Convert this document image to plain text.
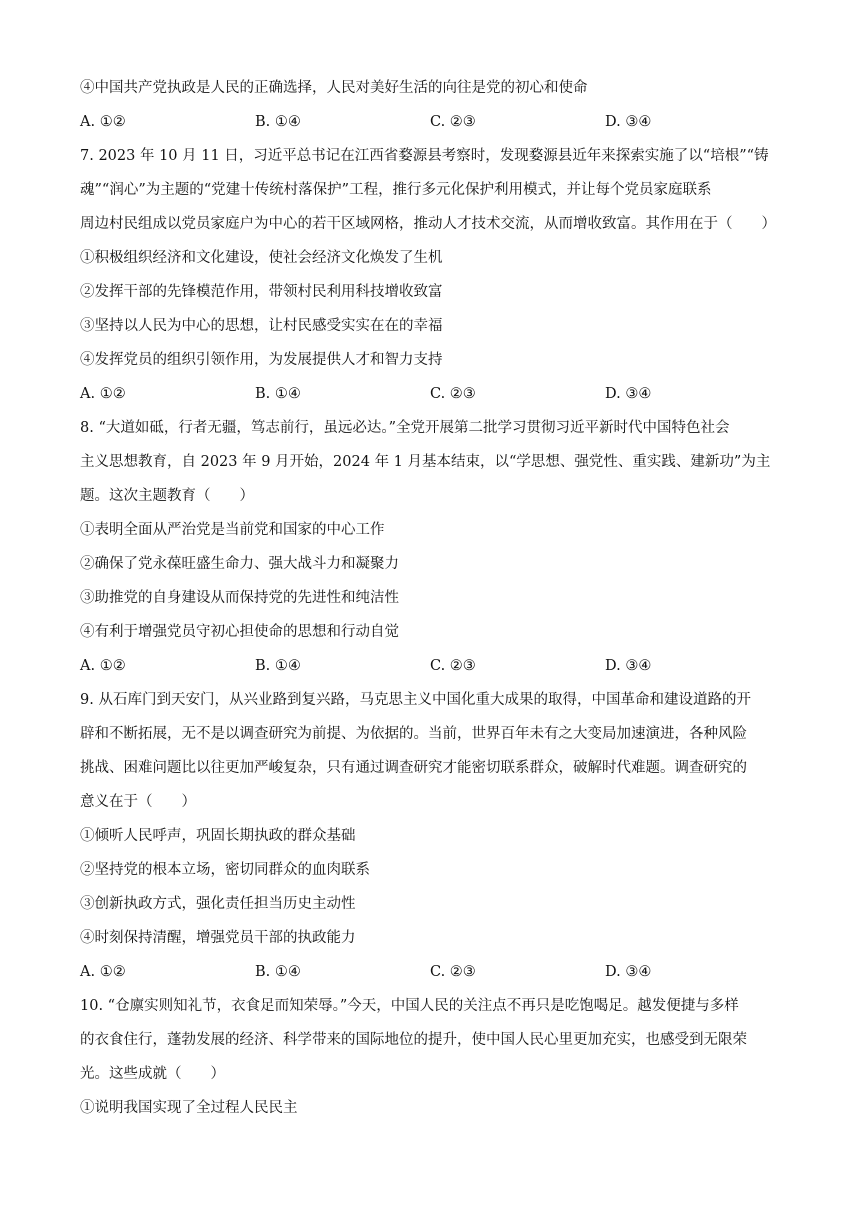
④中国共产党执政是人民的正确选择，人民对美好生活的向往是党的初心和使命
A. ①②	B. ①④	C. ②③	D. ③④
7. 2023 年 10 月 11 日，习近平总书记在江西省婺源县考察时，发现婺源县近年来探索实施了以“培根”“铸
魂”“润心”为主题的“党建十传统村落保护”工程，推行多元化保护利用模式，并让每个党员家庭联系
周边村民组成以党员家庭户为中心的若干区域网格，推动人才技术交流，从而增收致富。其作用在于（　　）
①积极组织经济和文化建设，使社会经济文化焕发了生机
②发挥干部的先锋模范作用，带领村民利用科技增收致富
③坚持以人民为中心的思想，让村民感受实实在在的幸福
④发挥党员的组织引领作用，为发展提供人才和智力支持
A. ①②	B. ①④	C. ②③	D. ③④
8. “大道如砥，行者无疆，笃志前行，虽远必达。”全党开展第二批学习贯彻习近平新时代中国特色社会
主义思想教育，自 2023 年 9 月开始，2024 年 1 月基本结束，以“学思想、强党性、重实践、建新功”为主
题。这次主题教育（　　）
①表明全面从严治党是当前党和国家的中心工作
②确保了党永葆旺盛生命力、强大战斗力和凝聚力
③助推党的自身建设从而保持党的先进性和纯洁性
④有利于增强党员守初心担使命的思想和行动自觉
A. ①②	B. ①④	C. ②③	D. ③④
9. 从石库门到天安门，从兴业路到复兴路，马克思主义中国化重大成果的取得，中国革命和建设道路的开
辟和不断拓展，无不是以调查研究为前提、为依据的。当前，世界百年未有之大变局加速演进，各种风险
挑战、困难问题比以往更加严峻复杂，只有通过调查研究才能密切联系群众，破解时代难题。调查研究的
意义在于（　　）
①倾听人民呼声，巩固长期执政的群众基础
②坚持党的根本立场，密切同群众的血肉联系
③创新执政方式，强化责任担当历史主动性
④时刻保持清醒，增强党员干部的执政能力
A. ①②	B. ①④	C. ②③	D. ③④
10. “仓廪实则知礼节，衣食足而知荣辱。”今天，中国人民的关注点不再只是吃饱喝足。越发便捷与多样
的衣食住行，蓬勃发展的经济、科学带来的国际地位的提升，使中国人民心里更加充实，也感受到无限荣
光。这些成就（　　）
①说明我国实现了全过程人民民主
